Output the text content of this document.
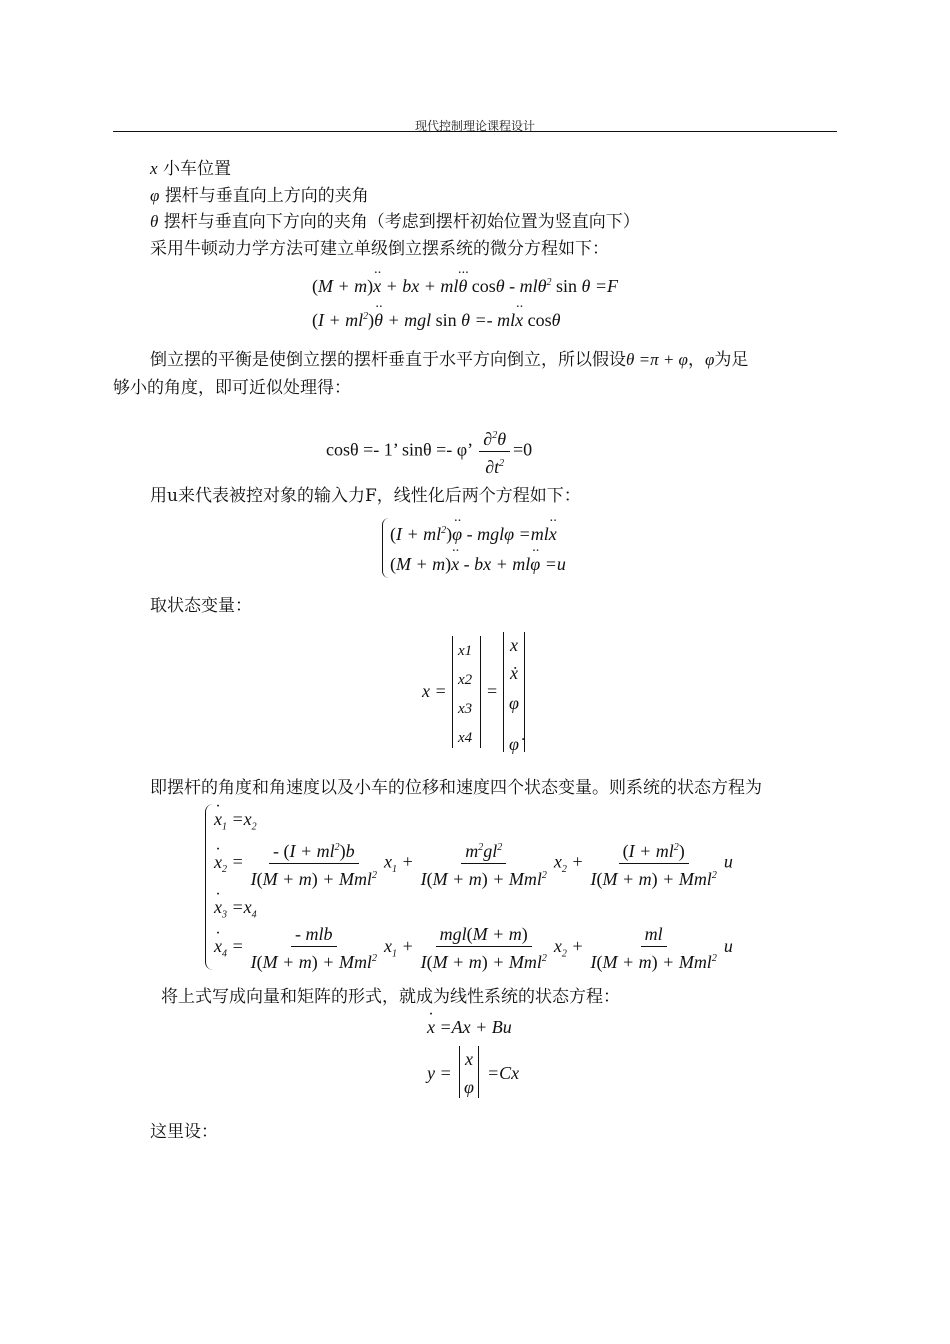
现代控制理论课程设计
x 小车位置
φ 摆杆与垂直向上方向的夹角
θ 摆杆与垂直向下方向的夹角（考虑到摆杆初始位置为竖直向下）
采用牛顿动力学方法可建立单级倒立摆系统的微分方程如下：
(M + m)x ·· + bx + mlθ ··· cosθ - mlθ$^2$ sin θ =F
$(I + ml^2)\theta$ ·· + mgl sin θ =- mlx ·· cosθ
倒立摆的平衡是使倒立摆的摆杆垂直于水平方向倒立，所以假设θ =π + φ，φ为足
够小的角度，即可近似处理得：
cosθ =- 1’ sinθ =- φ’ $\frac{\partial^2\theta}{\partial t^2} =0$
用u来代表被控对象的输入力F，线性化后两个方程如下：
$(I + ml^2)\varphi$ ·· - mglφ =mlx ··
(M + m)x ·· - bx + mlφ ·· =u
取状态变量：
x =
x1
x2
x3
x4
=
x
ẋ
φ
φ̇
即摆杆的角度和角速度以及小车的位移和速度四个状态变量。则系统的状态方程为
$x \cdot_1 =x_2$
$x \cdot_2 = \frac{- (I + ml^2)b}{I(M + m) + Mml^2} x_1 + \frac{m^2gl^2}{I(M + m) + Mml^2} x_2 + \frac{(I + ml^2)}{I(M + m) + Mml^2}$ u
$x \cdot_3 =x_4$
$x \cdot_4 = \frac{\text{- mlb}}{I(M + m) + Mml^2} x_1 + \frac{\text{mgl(M + m)}}{I(M + m) + Mml^2} x_2 + \frac{ml}{I(M + m) + Mml^2}$ u
将上式写成向量和矩阵的形式，就成为线性系统的状态方程：
x · =Ax + Bu
y =
x
φ
=Cx
这里设：
